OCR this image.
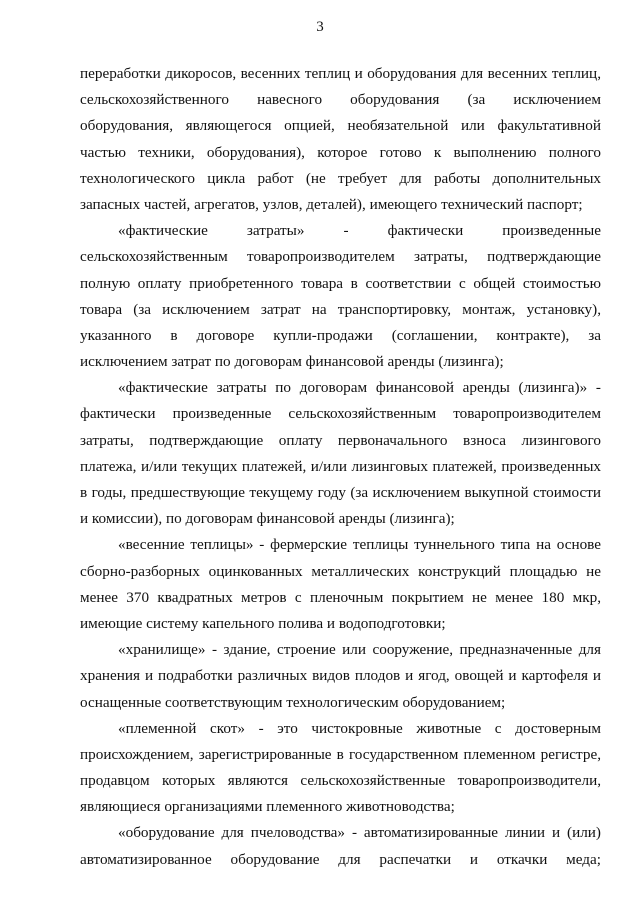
3
переработки дикоросов, весенних теплиц и оборудования для весенних теплиц,
сельскохозяйственного навесного оборудования (за исключением
оборудования, являющегося опцией, необязательной или факультативной
частью техники, оборудования), которое готово к выполнению полного
технологического цикла работ (не требует для работы дополнительных
запасных частей, агрегатов, узлов, деталей), имеющего технический паспорт;
«фактические затраты» - фактически произведенные
сельскохозяйственным товаропроизводителем затраты, подтверждающие
полную оплату приобретенного товара в соответствии с общей стоимостью
товара (за исключением затрат на транспортировку, монтаж, установку),
указанного в договоре купли-продажи (соглашении, контракте), за
исключением затрат по договорам финансовой аренды (лизинга);
«фактические затраты по договорам финансовой аренды (лизинга)» -
фактически произведенные сельскохозяйственным товаропроизводителем
затраты, подтверждающие оплату первоначального взноса лизингового
платежа, и/или текущих платежей, и/или лизинговых платежей, произведенных
в годы, предшествующие текущему году (за исключением выкупной стоимости
и комиссии), по договорам финансовой аренды (лизинга);
«весенние теплицы» - фермерские теплицы туннельного типа на основе
сборно-разборных оцинкованных металлических конструкций площадью не
менее 370 квадратных метров с пленочным покрытием не менее 180 мкр,
имеющие систему капельного полива и водоподготовки;
«хранилище» - здание, строение или сооружение, предназначенные для
хранения и подработки различных видов плодов и ягод, овощей и картофеля и
оснащенные соответствующим технологическим оборудованием;
«племенной скот» - это чистокровные животные с достоверным
происхождением, зарегистрированные в государственном племенном регистре,
продавцом которых являются сельскохозяйственные товаропроизводители,
являющиеся организациями племенного животноводства;
«оборудование для пчеловодства» - автоматизированные линии и (или)
автоматизированное оборудование для распечатки и откачки меда;
